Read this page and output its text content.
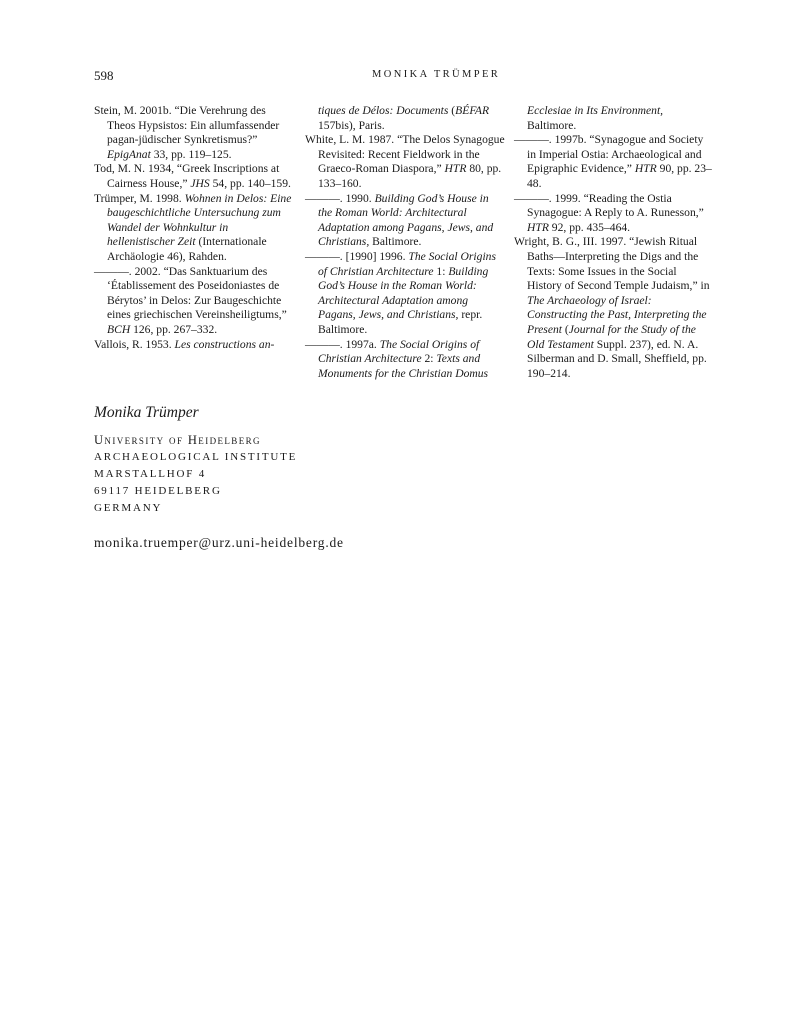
598	MONIKA TRÜMPER

Stein, M. 2001b. “Die Verehrung des Theos Hypsistos: Ein allumfassender pagan-jüdischer Synkretismus?” EpigAnat 33, pp. 119–125.

Tod, M. N. 1934, “Greek Inscriptions at Cairness House,” JHS 54, pp. 140–159.

Trümper, M. 1998. Wohnen in Delos: Eine baugeschichtliche Untersuchung zum Wandel der Wohnkultur in hellenistischer Zeit (Internationale Archäologie 46), Rahden.

———. 2002. “Das Sanktuarium des ‘Établissement des Poseidoniastes de Bérytos’ in Delos: Zur Baugeschichte eines griechischen Vereinsheiligtums,” BCH 126, pp. 267–332.

Vallois, R. 1953. Les constructions an-

tiques de Délos: Documents (BÉFAR 157bis), Paris.

White, L. M. 1987. “The Delos Synagogue Revisited: Recent Fieldwork in the Graeco-Roman Diaspora,” HTR 80, pp. 133–160.

———. 1990. Building God’s House in the Roman World: Architectural Adaptation among Pagans, Jews, and Christians, Baltimore.

———. [1990] 1996. The Social Origins of Christian Architecture 1: Building God’s House in the Roman World: Architectural Adaptation among Pagans, Jews, and Christians, repr. Baltimore.

———. 1997a. The Social Origins of Christian Architecture 2: Texts and Monuments for the Christian Domus

Ecclesiae in Its Environment, Baltimore.

———. 1997b. “Synagogue and Society in Imperial Ostia: Archaeological and Epigraphic Evidence,” HTR 90, pp. 23–48.

———. 1999. “Reading the Ostia Synagogue: A Reply to A. Runesson,” HTR 92, pp. 435–464.

Wright, B. G., III. 1997. “Jewish Ritual Baths—Interpreting the Digs and the Texts: Some Issues in the Social History of Second Temple Judaism,” in The Archaeology of Israel: Constructing the Past, Interpreting the Present (Journal for the Study of the Old Testament Suppl. 237), ed. N. A. Silberman and D. Small, Sheffield, pp. 190–214.

Monika Trümper

University of Heidelberg

ARCHAEOLOGICAL INSTITUTE

MARSTALLHOF 4

69117 HEIDELBERG

GERMANY

monika.truemper@urz.uni-heidelberg.de
